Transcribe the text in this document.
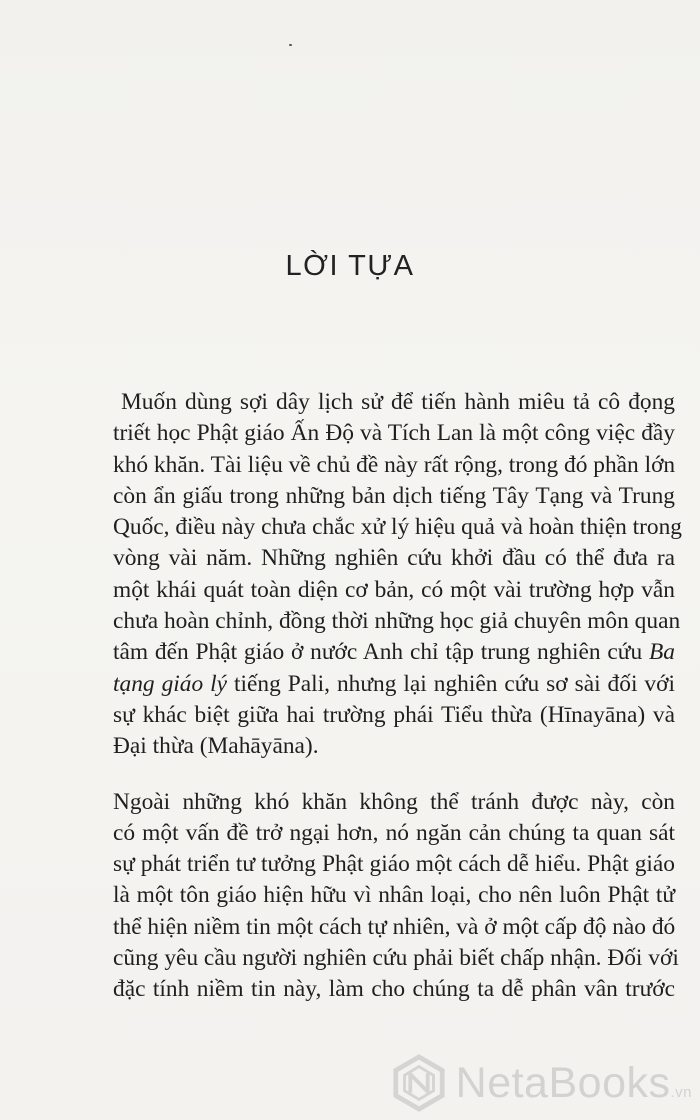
LỜI TỰA
Muốn dùng sợi dây lịch sử để tiến hành miêu tả cô đọng
triết học Phật giáo Ấn Độ và Tích Lan là một công việc đầy
khó khăn. Tài liệu về chủ đề này rất rộng, trong đó phần lớn
còn ẩn giấu trong những bản dịch tiếng Tây Tạng và Trung
Quốc, điều này chưa chắc xử lý hiệu quả và hoàn thiện trong
vòng vài năm. Những nghiên cứu khởi đầu có thể đưa ra
một khái quát toàn diện cơ bản, có một vài trường hợp vẫn
chưa hoàn chỉnh, đồng thời những học giả chuyên môn quan
tâm đến Phật giáo ở nước Anh chỉ tập trung nghiên cứu Ba
tạng giáo lý tiếng Pali, nhưng lại nghiên cứu sơ sài đối với
sự khác biệt giữa hai trường phái Tiểu thừa (Hīnayāna) và
Đại thừa (Mahāyāna).
Ngoài những khó khăn không thể tránh được này, còn
có một vấn đề trở ngại hơn, nó ngăn cản chúng ta quan sát
sự phát triển tư tưởng Phật giáo một cách dễ hiểu. Phật giáo
là một tôn giáo hiện hữu vì nhân loại, cho nên luôn Phật tử
thể hiện niềm tin một cách tự nhiên, và ở một cấp độ nào đó
cũng yêu cầu người nghiên cứu phải biết chấp nhận. Đối với
đặc tính niềm tin này, làm cho chúng ta dễ phân vân trước
NetaBooks.vn
